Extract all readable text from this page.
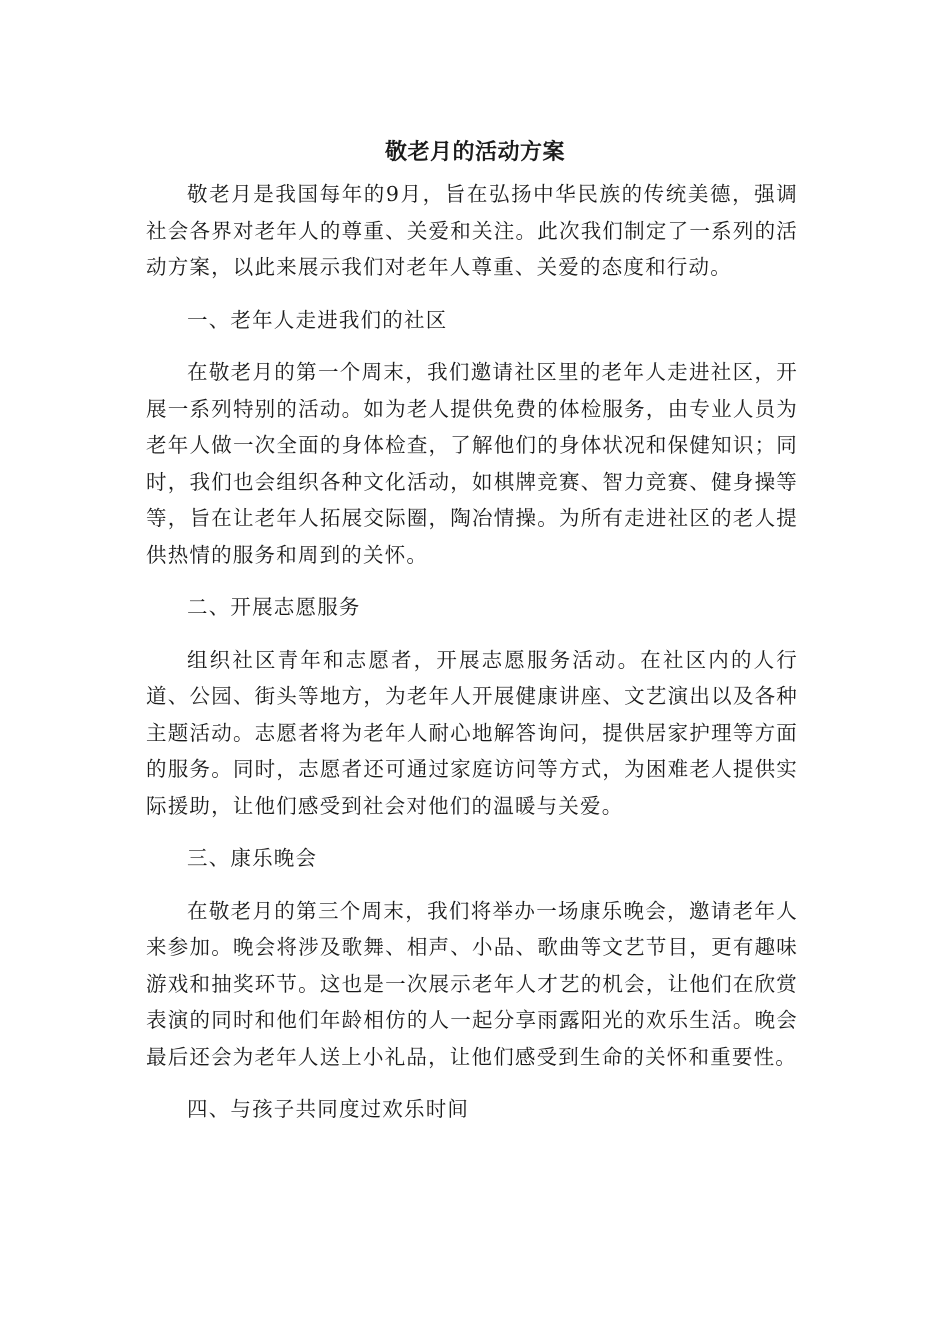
敬老月的活动方案

敬老月是我国每年的9月，旨在弘扬中华民族的传统美德，强调社会各界对老年人的尊重、关爱和关注。此次我们制定了一系列的活动方案，以此来展示我们对老年人尊重、关爱的态度和行动。

一、老年人走进我们的社区

在敬老月的第一个周末，我们邀请社区里的老年人走进社区，开展一系列特别的活动。如为老人提供免费的体检服务，由专业人员为老年人做一次全面的身体检查，了解他们的身体状况和保健知识；同时，我们也会组织各种文化活动，如棋牌竞赛、智力竞赛、健身操等等，旨在让老年人拓展交际圈，陶冶情操。为所有走进社区的老人提供热情的服务和周到的关怀。

二、开展志愿服务

组织社区青年和志愿者，开展志愿服务活动。在社区内的人行道、公园、街头等地方，为老年人开展健康讲座、文艺演出以及各种主题活动。志愿者将为老年人耐心地解答询问，提供居家护理等方面的服务。同时，志愿者还可通过家庭访问等方式，为困难老人提供实际援助，让他们感受到社会对他们的温暖与关爱。

三、康乐晚会

在敬老月的第三个周末，我们将举办一场康乐晚会，邀请老年人来参加。晚会将涉及歌舞、相声、小品、歌曲等文艺节目，更有趣味游戏和抽奖环节。这也是一次展示老年人才艺的机会，让他们在欣赏表演的同时和他们年龄相仿的人一起分享雨露阳光的欢乐生活。晚会最后还会为老年人送上小礼品，让他们感受到生命的关怀和重要性。

四、与孩子共同度过欢乐时间
